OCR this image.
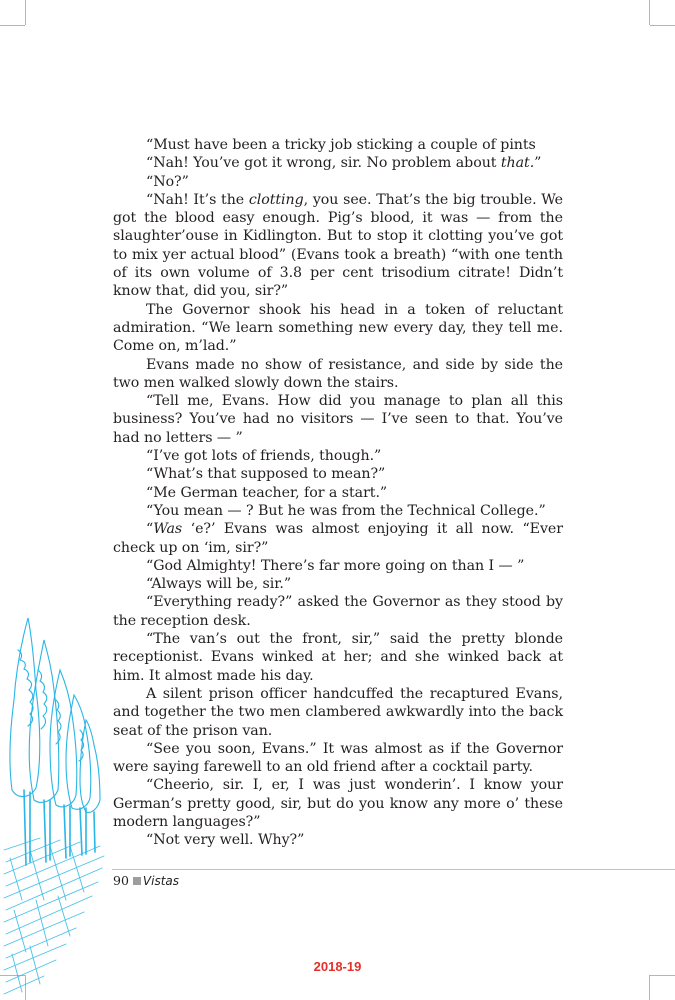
“Must have been a tricky job sticking a couple of pints

“Nah! You’ve got it wrong, sir. No problem about that.”

“No?”

“Nah! It’s the clotting, you see. That’s the big trouble. We got the blood easy enough. Pig’s blood, it was — from the slaughter’ouse in Kidlington. But to stop it clotting you’ve got to mix yer actual blood” (Evans took a breath) “with one tenth of its own volume of 3.8 per cent trisodium citrate! Didn’t know that, did you, sir?”

The Governor shook his head in a token of reluctant admiration. “We learn something new every day, they tell me. Come on, m’lad.”

Evans made no show of resistance, and side by side the two men walked slowly down the stairs.

“Tell me, Evans. How did you manage to plan all this business? You’ve had no visitors — I’ve seen to that. You’ve had no letters — ”

“I’ve got lots of friends, though.”

“What’s that supposed to mean?”

“Me German teacher, for a start.”

“You mean — ? But he was from the Technical College.”

“Was ‘e?’ Evans was almost enjoying it all now. “Ever check up on ‘im, sir?”

“God Almighty! There’s far more going on than I — ”

“Always will be, sir.”

“Everything ready?” asked the Governor as they stood by the reception desk.

“The van’s out the front, sir,” said the pretty blonde receptionist. Evans winked at her; and she winked back at him. It almost made his day.

A silent prison officer handcuffed the recaptured Evans, and together the two men clambered awkwardly into the back seat of the prison van.

“See you soon, Evans.” It was almost as if the Governor were saying farewell to an old friend after a cocktail party.

“Cheerio, sir. I, er, I was just wonderin’. I know your German’s pretty good, sir, but do you know any more o’ these modern languages?”

“Not very well. Why?”

90 Vistas
2018-19
